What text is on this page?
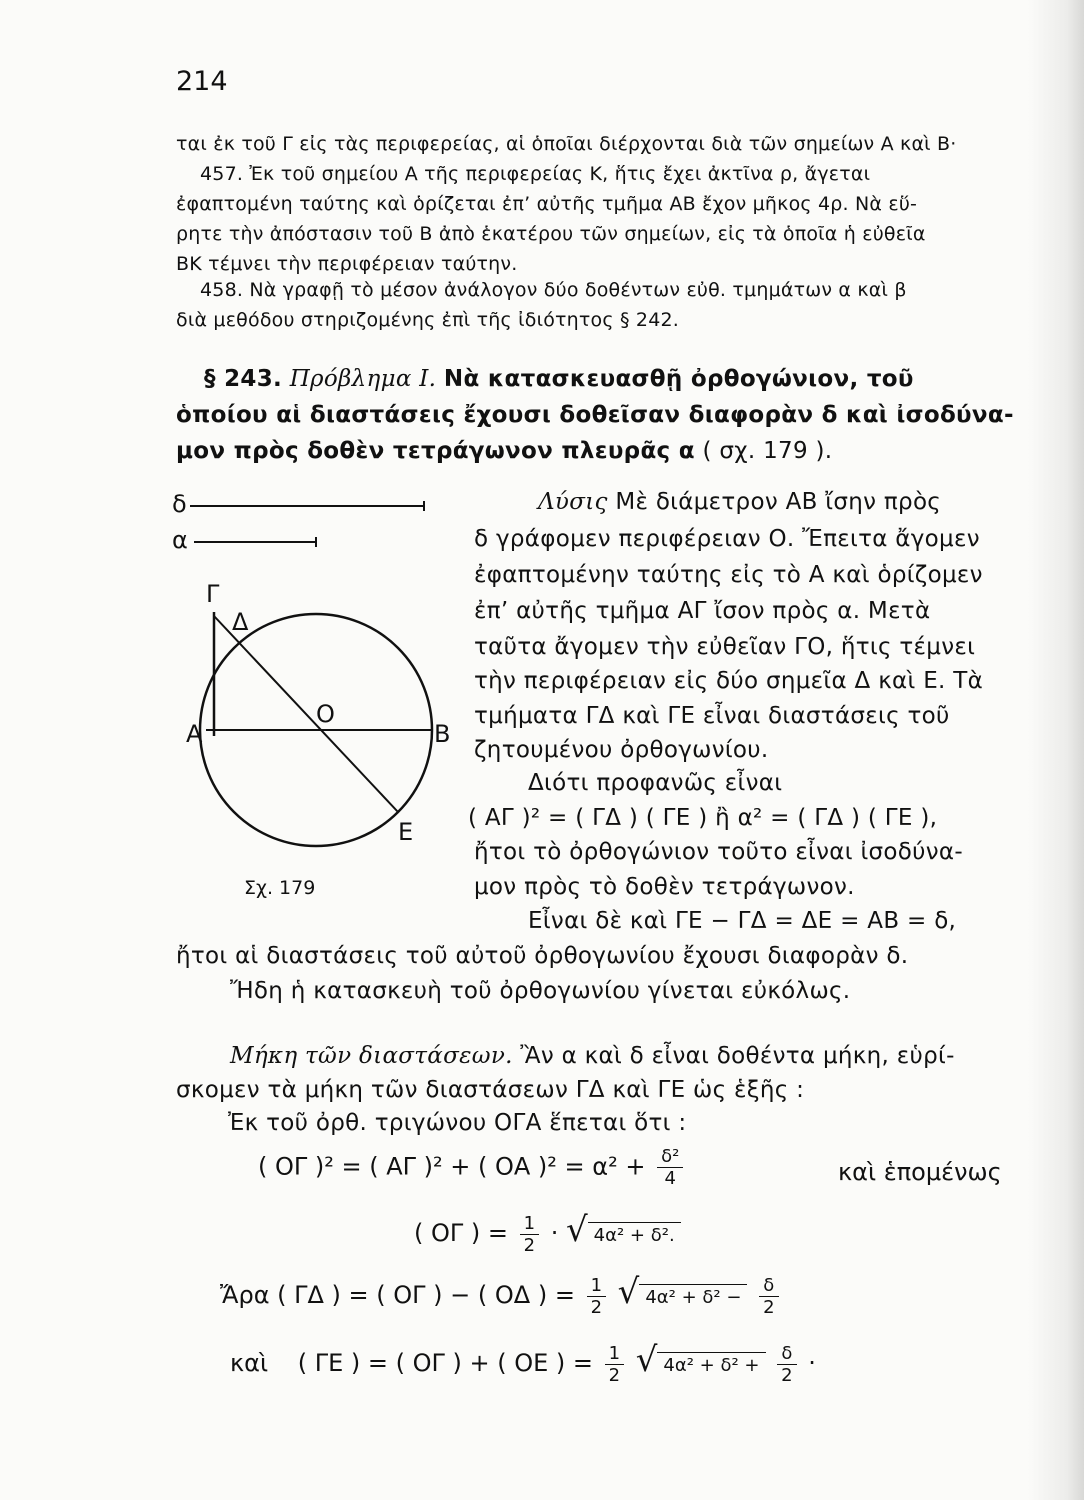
214
ται ἐκ τοῦ Γ εἰς τὰς περιφερείας, αἱ ὁποῖαι διέρχονται διὰ τῶν σημείων Α καὶ Β·
457. Ἐκ τοῦ σημείου Α τῆς περιφερείας Κ, ἥτις ἔχει ἀκτῖνα ρ, ἄγεται
ἐφαπτομένη ταύτης καὶ ὁρίζεται ἐπ’ αὐτῆς τμῆμα ΑΒ ἔχον μῆκος 4ρ. Νὰ εὕ-
ρητε τὴν ἀπόστασιν τοῦ Β ἀπὸ ἑκατέρου τῶν σημείων, εἰς τὰ ὁποῖα ἡ εὐθεῖα
ΒΚ τέμνει τὴν περιφέρειαν ταύτην.
458. Νὰ γραφῇ τὸ μέσον ἀνάλογον δύο δοθέντων εὐθ. τμημάτων α καὶ β
διὰ μεθόδου στηριζομένης ἐπὶ τῆς ἰδιότητος § 242.
§ 243. Πρόβλημα Ι. Νὰ κατασκευασθῇ ὀρθογώνιον, τοῦ
ὁποίου αἱ διαστάσεις ἔχουσι δοθεῖσαν διαφορὰν δ καὶ ἰσοδύνα-
μον πρὸς δοθὲν τετράγωνον πλευρᾶς α ( σχ. 179 ).
δ
α
Γ
Δ
Α
Ο
Β
Ε
Σχ. 179
Λύσις Μὲ διάμετρον ΑΒ ἴσην πρὸς
δ γράφομεν περιφέρειαν Ο. Ἔπειτα ἄγομεν
ἐφαπτομένην ταύτης εἰς τὸ Α καὶ ὁρίζομεν
ἐπ’ αὐτῆς τμῆμα ΑΓ ἴσον πρὸς α. Μετὰ
ταῦτα ἄγομεν τὴν εὐθεῖαν ΓΟ, ἥτις τέμνει
τὴν περιφέρειαν εἰς δύο σημεῖα Δ καὶ Ε. Τὰ
τμήματα ΓΔ καὶ ΓΕ εἶναι διαστάσεις τοῦ
ζητουμένου ὀρθογωνίου.
Διότι προφανῶς εἶναι
( ΑΓ )² = ( ΓΔ ) ( ΓΕ ) ἢ α² = ( ΓΔ ) ( ΓΕ ),
ἤτοι τὸ ὀρθογώνιον τοῦτο εἶναι ἰσοδύνα-
μον πρὸς τὸ δοθὲν τετράγωνον.
Εἶναι δὲ καὶ ΓΕ − ΓΔ = ΔΕ = ΑΒ = δ,
ἤτοι αἱ διαστάσεις τοῦ αὐτοῦ ὀρθογωνίου ἔχουσι διαφορὰν δ.
Ἤδη ἡ κατασκευὴ τοῦ ὀρθογωνίου γίνεται εὐκόλως.
Μήκη τῶν διαστάσεων. Ἂν α καὶ δ εἶναι δοθέντα μήκη, εὑρί-
σκομεν τὰ μήκη τῶν διαστάσεων ΓΔ καὶ ΓΕ ὡς ἑξῆς :
Ἐκ τοῦ ὀρθ. τριγώνου ΟΓΑ ἕπεται ὅτι :
( ΟΓ )² = ( ΑΓ )² + ( ΟΑ )$^2 = \alpha^2 + \frac{\text{δ²}}{4}$	καὶ ἑπομένως
( ΟΓ ) = $\frac{1}{2}$ · √ 4α² + δ².
Ἄρα ( ΓΔ ) = ( ΟΓ ) − ( ΟΔ ) = $\frac{1}{2}$ √ $4\alpha^2 + \delta^2 - \frac{\delta}{2}$
καὶ ( ΓΕ ) = ( ΟΓ ) + ( ΟΕ ) = $\frac{1}{2}$ √ $4\alpha^2 + \delta^2 + \frac{\delta}{2}$ ·
